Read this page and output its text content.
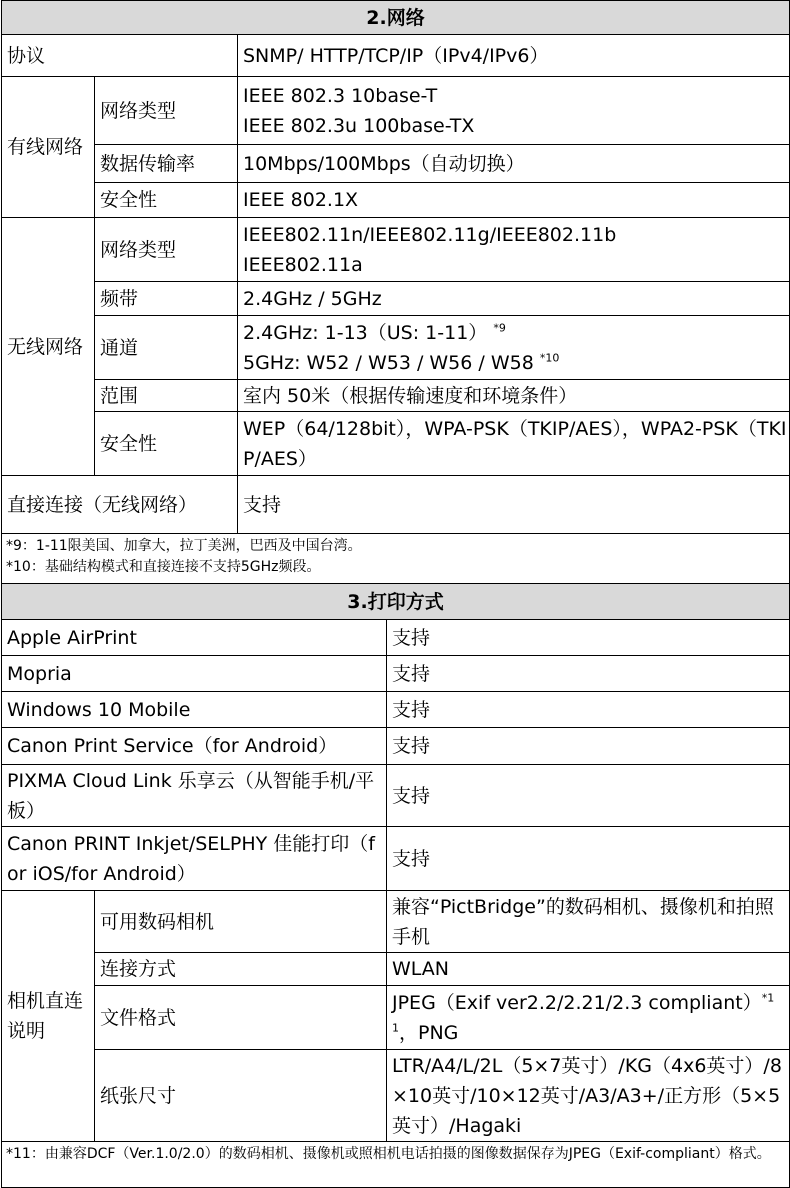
2.网络		
协议		SNMP/ HTTP/TCP/IP（IPv4/IPv6）
有线网络	网络类型	IEEE 802.3 10base-T
IEEE 802.3u 100base-TX

	数据传输率	10Mbps/100Mbps（自动切换）
	安全性	IEEE 802.1X
无线网络	网络类型	IEEE802.11n/IEEE802.11g/IEEE802.11b
IEEE802.11a

	频带	2.4GHz / 5GHz
	通道	2.4GHz: 1-13（US: 1-11） $^{*9}$
5GHz: W52 / W53 / W56 / W58 $^{*10}$

	范围	室内 50米（根据传输速度和环境条件）
	安全性	WEP（64/128bit），WPA-PSK（TKIP/AES），WPA2-PSK（TKIP/AES）
直接连接（无线网络）		支持

*9：1-11限美国、加拿大，拉丁美洲，巴西及中国台湾。
*10：基础结构模式和直接连接不支持5GHz频段。		
3.打印方式		
Apple AirPrint		支持
Mopria		支持
Windows 10 Mobile		支持
Canon Print Service（for Android）		支持
PIXMA Cloud Link 乐享云（从智能手机/平板）		支持
Canon PRINT Inkjet/SELPHY 佳能打印（for iOS/for Android）		支持
相机直连说明	可用数码相机	兼容“PictBridge”的数码相机、摄像机和拍照手机
	连接方式	WLAN
	文件格式	JPEG（Exif ver2.2/2.21/2.3 compliant）$^{*11}$，PNG
	纸张尺寸	LTR/A4/L/2L（5×7英寸）/KG（4x6英寸）/8×10英寸/10×12英寸/A3/A3+/正方形（5×5英寸）/Hagaki
*11：由兼容DCF（Ver.1.0/2.0）的数码相机、摄像机或照相机电话拍摄的图像数据保存为JPEG（Exif-compliant）格式。		
